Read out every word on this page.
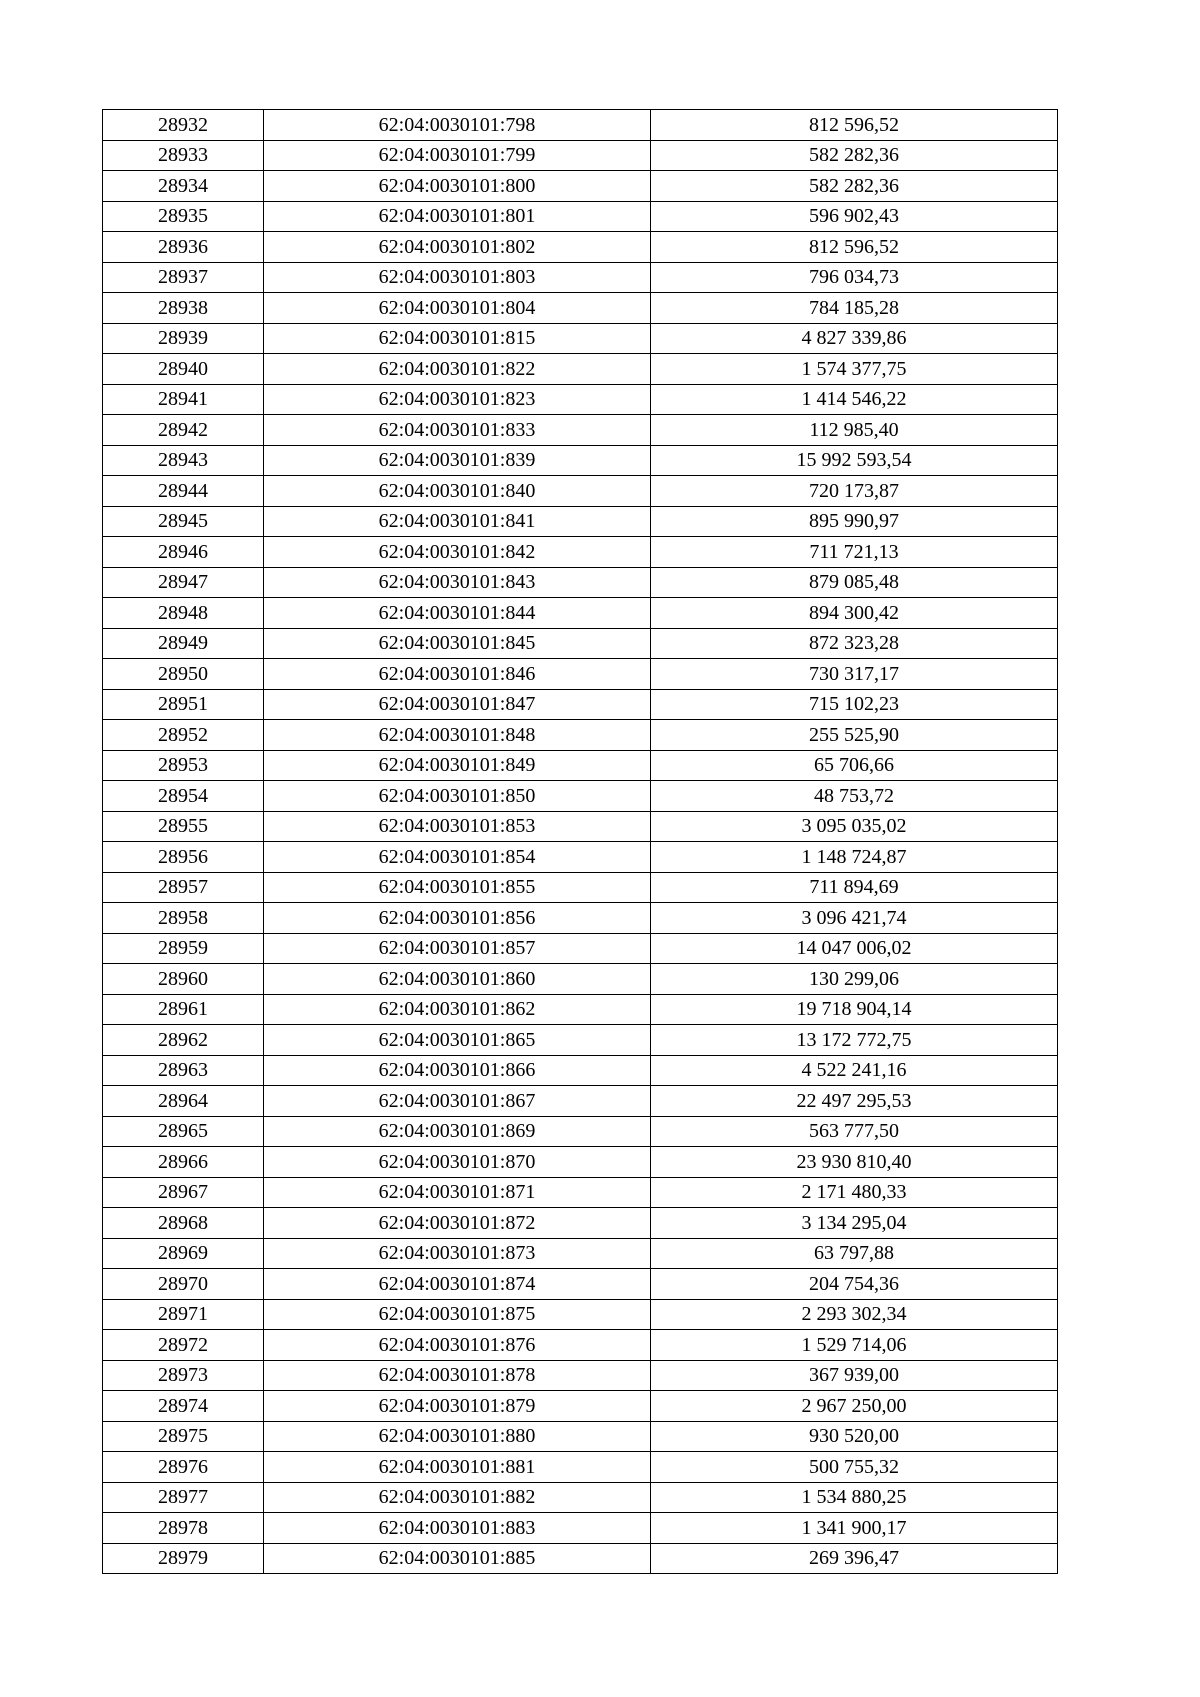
28932	62:04:0030101:798	812 596,52
28933	62:04:0030101:799	582 282,36
28934	62:04:0030101:800	582 282,36
28935	62:04:0030101:801	596 902,43
28936	62:04:0030101:802	812 596,52
28937	62:04:0030101:803	796 034,73
28938	62:04:0030101:804	784 185,28
28939	62:04:0030101:815	4 827 339,86
28940	62:04:0030101:822	1 574 377,75
28941	62:04:0030101:823	1 414 546,22
28942	62:04:0030101:833	112 985,40
28943	62:04:0030101:839	15 992 593,54
28944	62:04:0030101:840	720 173,87
28945	62:04:0030101:841	895 990,97
28946	62:04:0030101:842	711 721,13
28947	62:04:0030101:843	879 085,48
28948	62:04:0030101:844	894 300,42
28949	62:04:0030101:845	872 323,28
28950	62:04:0030101:846	730 317,17
28951	62:04:0030101:847	715 102,23
28952	62:04:0030101:848	255 525,90
28953	62:04:0030101:849	65 706,66
28954	62:04:0030101:850	48 753,72
28955	62:04:0030101:853	3 095 035,02
28956	62:04:0030101:854	1 148 724,87
28957	62:04:0030101:855	711 894,69
28958	62:04:0030101:856	3 096 421,74
28959	62:04:0030101:857	14 047 006,02
28960	62:04:0030101:860	130 299,06
28961	62:04:0030101:862	19 718 904,14
28962	62:04:0030101:865	13 172 772,75
28963	62:04:0030101:866	4 522 241,16
28964	62:04:0030101:867	22 497 295,53
28965	62:04:0030101:869	563 777,50
28966	62:04:0030101:870	23 930 810,40
28967	62:04:0030101:871	2 171 480,33
28968	62:04:0030101:872	3 134 295,04
28969	62:04:0030101:873	63 797,88
28970	62:04:0030101:874	204 754,36
28971	62:04:0030101:875	2 293 302,34
28972	62:04:0030101:876	1 529 714,06
28973	62:04:0030101:878	367 939,00
28974	62:04:0030101:879	2 967 250,00
28975	62:04:0030101:880	930 520,00
28976	62:04:0030101:881	500 755,32
28977	62:04:0030101:882	1 534 880,25
28978	62:04:0030101:883	1 341 900,17
28979	62:04:0030101:885	269 396,47
